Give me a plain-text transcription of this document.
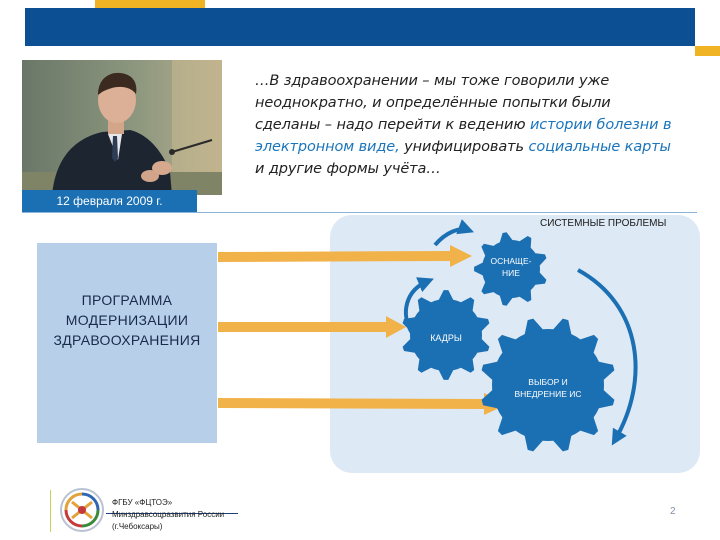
…В здравоохранении – мы тоже говорили уже неоднократно, и определённые попытки были сделаны – надо перейти к ведению истории болезни в электронном виде, унифицировать социальные карты и другие формы учёта…
12 февраля 2009 г.
СИСТЕМНЫЕ ПРОБЛЕМЫ
ПРОГРАММА
МОДЕРНИЗАЦИИ
ЗДРАВООХРАНЕНИЯ
ОСНАЩЕ-
НИЕ
КАДРЫ
ВЫБОР И
ВНЕДРЕНИЕ ИС
ФГБУ «ФЦТОЭ»
Минздравсоцразвития России
(г.Чебоксары)
2
